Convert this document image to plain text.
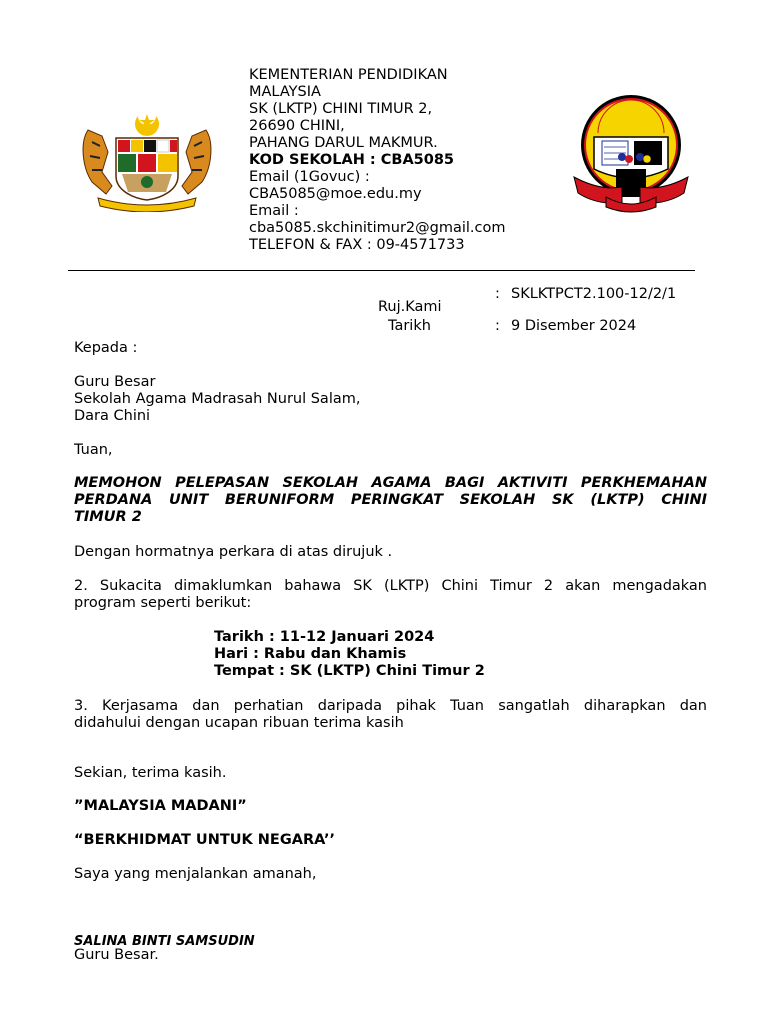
KEMENTERIAN PENDIDIKAN
MALAYSIA
SK (LKTP) CHINI TIMUR 2,
26690 CHINI,
PAHANG DARUL MAKMUR.
KOD SEKOLAH : CBA5085
Email (1Govuc) :
CBA5085@moe.edu.my
Email :
cba5085.skchinitimur2@gmail.com
TELEFON & FAX : 09-4571733
: SKLKTPCT2.100-12/2/1
Ruj.Kami
Tarikh	: 9 Disember 2024
Kepada :
Guru Besar
Sekolah Agama Madrasah Nurul Salam,
Dara Chini
Tuan,
MEMOHON PELEPASAN SEKOLAH AGAMA BAGI AKTIVITI PERKHEMAHAN
PERDANA UNIT BERUNIFORM PERINGKAT SEKOLAH SK (LKTP) CHINI
TIMUR 2
Dengan hormatnya perkara di atas dirujuk .
2. Sukacita dimaklumkan bahawa SK (LKTP) Chini Timur 2 akan mengadakan
program seperti berikut:
Tarikh : 11-12 Januari 2024
Hari : Rabu dan Khamis
Tempat : SK (LKTP) Chini Timur 2
3. Kerjasama dan perhatian daripada pihak Tuan sangatlah diharapkan dan
didahului dengan ucapan ribuan terima kasih
Sekian, terima kasih.
”MALAYSIA MADANI”
“BERKHIDMAT UNTUK NEGARA’’
Saya yang menjalankan amanah,
SALINA BINTI SAMSUDIN
Guru Besar.
